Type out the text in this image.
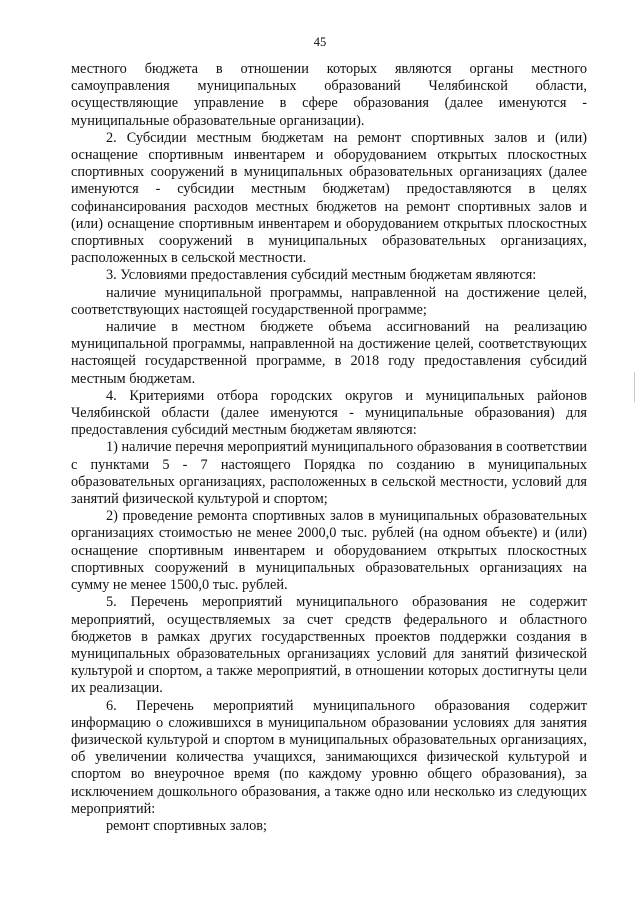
45

местного бюджета в отношении которых являются органы местного самоуправления муниципальных образований Челябинской области, осуществляющие управление в сфере образования (далее именуются - муниципальные образовательные организации).

2. Субсидии местным бюджетам на ремонт спортивных залов и (или) оснащение спортивным инвентарем и оборудованием открытых плоскостных спортивных сооружений в муниципальных образовательных организациях (далее именуются - субсидии местным бюджетам) предоставляются в целях софинансирования расходов местных бюджетов на ремонт спортивных залов и (или) оснащение спортивным инвентарем и оборудованием открытых плоскостных спортивных сооружений в муниципальных образовательных организациях, расположенных в сельской местности.

3. Условиями предоставления субсидий местным бюджетам являются:

наличие муниципальной программы, направленной на достижение целей, соответствующих настоящей государственной программе;

наличие в местном бюджете объема ассигнований на реализацию муниципальной программы, направленной на достижение целей, соответствующих настоящей государственной программе, в 2018 году предоставления субсидий местным бюджетам.

4. Критериями отбора городских округов и муниципальных районов Челябинской области (далее именуются - муниципальные образования) для предоставления субсидий местным бюджетам являются:

1) наличие перечня мероприятий муниципального образования в соответствии с пунктами 5 - 7 настоящего Порядка по созданию в муниципальных образовательных организациях, расположенных в сельской местности, условий для занятий физической культурой и спортом;

2) проведение ремонта спортивных залов в муниципальных образовательных организациях стоимостью не менее 2000,0 тыс. рублей (на одном объекте) и (или) оснащение спортивным инвентарем и оборудованием открытых плоскостных спортивных сооружений в муниципальных образовательных организациях на сумму не менее 1500,0 тыс. рублей.

5. Перечень мероприятий муниципального образования не содержит мероприятий, осуществляемых за счет средств федерального и областного бюджетов в рамках других государственных проектов поддержки создания в муниципальных образовательных организациях условий для занятий физической культурой и спортом, а также мероприятий, в отношении которых достигнуты цели их реализации.

6. Перечень мероприятий муниципального образования содержит информацию о сложившихся в муниципальном образовании условиях для занятия физической культурой и спортом в муниципальных образовательных организациях, об увеличении количества учащихся, занимающихся физической культурой и спортом во внеурочное время (по каждому уровню общего образования), за исключением дошкольного образования, а также одно или несколько из следующих мероприятий:

ремонт спортивных залов;
